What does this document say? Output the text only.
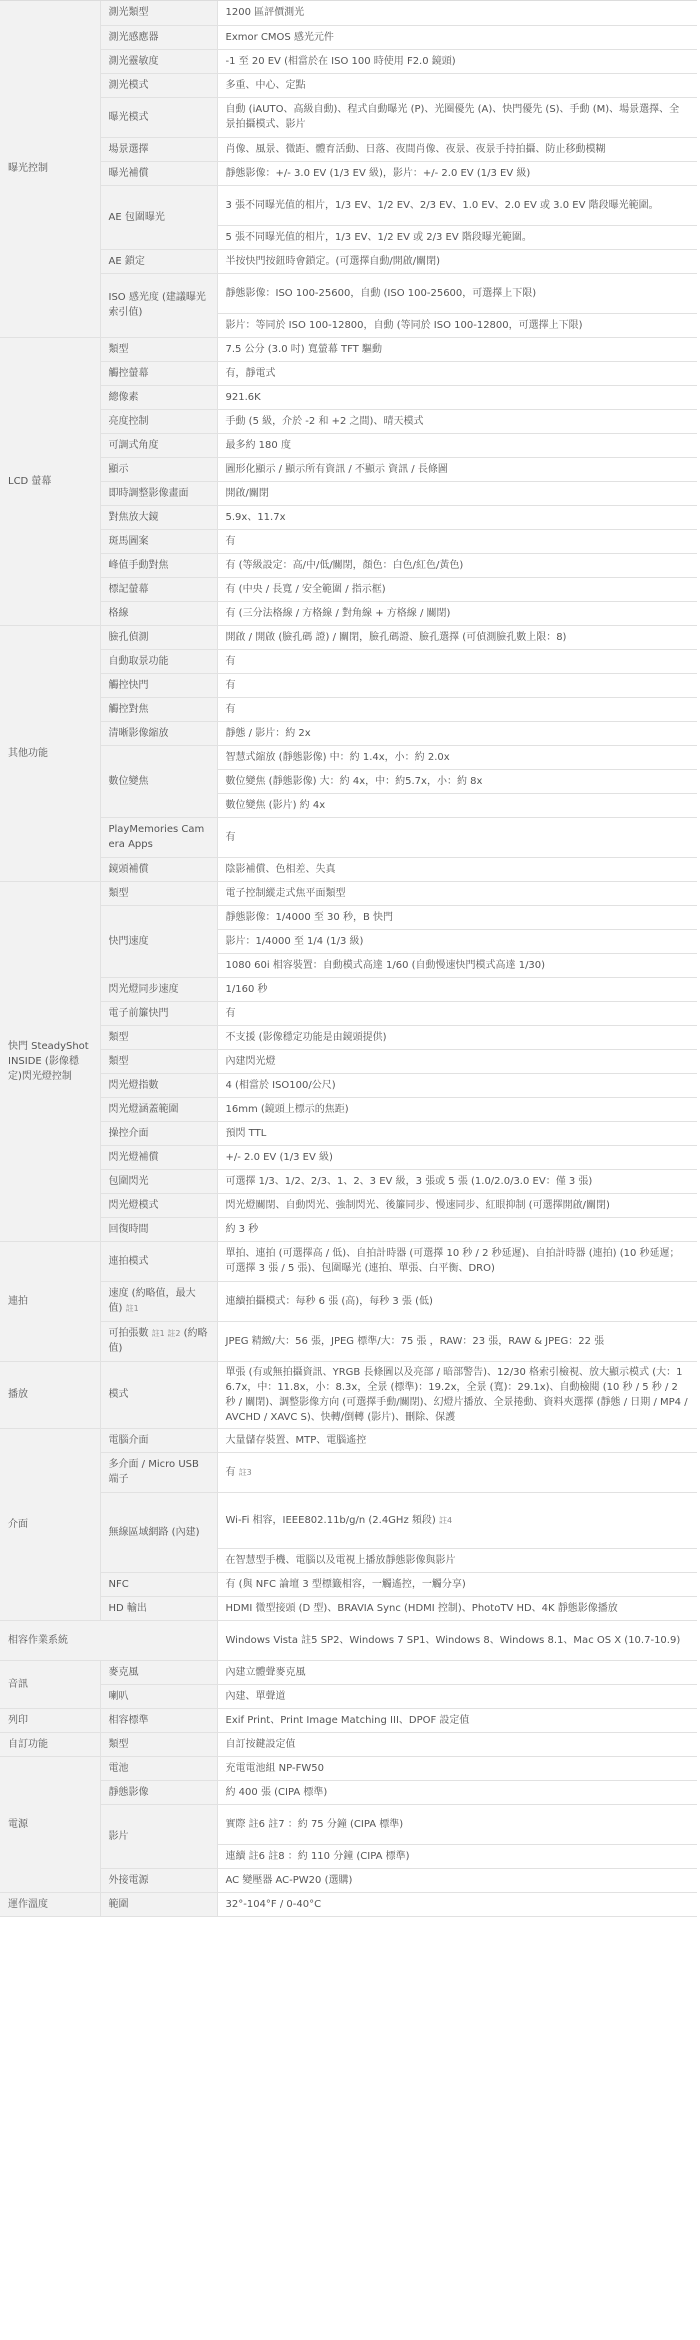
曝光控制	測光類型	1200 區評價測光
	測光感應器	Exmor CMOS 感光元件
	測光靈敏度	-1 至 20 EV (相當於在 ISO 100 時使用 F2.0 鏡頭)
	測光模式	多重、中心、定點
	曝光模式	自動 (iAUTO、高級自動)、程式自動曝光 (P)、光圈優先 (A)、快門優先 (S)、手動 (M)、場景選擇、全景拍攝模式、影片
	場景選擇	肖像、風景、微距、體育活動、日落、夜間肖像、夜景、夜景手持拍攝、防止移動模糊
	曝光補償	靜態影像：+/- 3.0 EV (1/3 EV 級)，影片：+/- 2.0 EV (1/3 EV 級)
	AE 包圍曝光	3 張不同曝光值的相片，1/3 EV、1/2 EV、2/3 EV、1.0 EV、2.0 EV 或 3.0 EV 階段曝光範圍。
		5 張不同曝光值的相片，1/3 EV、1/2 EV 或 2/3 EV 階段曝光範圍。
	AE 鎖定	半按快門按鈕時會鎖定。(可選擇自動/開啟/關閉)
	ISO 感光度 (建議曝光索引值)	靜態影像：ISO 100-25600，自動 (ISO 100-25600，可選擇上下限)
		影片：等同於 ISO 100-12800，自動 (等同於 ISO 100-12800，可選擇上下限)
LCD 螢幕	類型	7.5 公分 (3.0 吋) 寬螢幕 TFT 驅動
	觸控螢幕	有，靜電式
	總像素	921.6K
	亮度控制	手動 (5 級，介於 -2 和 +2 之間)、晴天模式
	可調式角度	最多約 180 度
	顯示	圖形化顯示 / 顯示所有資訊 / 不顯示 資訊 / 長條圖
	即時調整影像畫面	開啟/關閉
	對焦放大鏡	5.9x、11.7x
	斑馬圖案	有
	峰值手動對焦	有 (等級設定：高/中/低/關閉，顏色：白色/紅色/黃色)
	標記螢幕	有 (中央 / 長寬 / 安全範圍 / 指示框)
	格線	有 (三分法格線 / 方格線 / 對角線 + 方格線 / 關閉)
其他功能	臉孔偵測	開啟 / 開啟 (臉孔碼 證) / 關閉，臉孔碼證、臉孔選擇 (可偵測臉孔數上限：8)
	自動取景功能	有
	觸控快門	有
	觸控對焦	有
	清晰影像縮放	靜態 / 影片：約 2x
	數位變焦	智慧式縮放 (靜態影像) 中：約 1.4x，小：約 2.0x
		數位變焦 (靜態影像) 大：約 4x，中：約5.7x，小：約 8x
		數位變焦 (影片) 約 4x
	PlayMemories Camera Apps	有
	鏡頭補償	陰影補償、色相差、失真
快門 SteadyShot INSIDE (影像穩定)閃光燈控制	類型	電子控制縱走式焦平面類型
	快門速度	靜態影像：1/4000 至 30 秒，B 快門
		影片：1/4000 至 1/4 (1/3 級)
		1080 60i 相容裝置：自動模式高達 1/60 (自動慢速快門模式高達 1/30)
	閃光燈同步速度	1/160 秒
	電子前簾快門	有
	類型	不支援 (影像穩定功能是由鏡頭提供)
	類型	內建閃光燈
	閃光燈指數	4 (相當於 ISO100/公尺)
	閃光燈涵蓋範圍	16mm (鏡頭上標示的焦距)
	操控介面	預閃 TTL
	閃光燈補償	+/- 2.0 EV (1/3 EV 級)
	包圍閃光	可選擇 1/3、1/2、2/3、1、2、3 EV 級，3 張或 5 張 (1.0/2.0/3.0 EV：僅 3 張)
	閃光燈模式	閃光燈關閉、自動閃光、強制閃光、後簾同步、慢速同步、紅眼抑制 (可選擇開啟/關閉)
	回復時間	約 3 秒
連拍	連拍模式	單拍、連拍 (可選擇高 / 低)、自拍計時器 (可選擇 10 秒 / 2 秒延遲)、自拍計時器 (連拍) (10 秒延遲；可選擇 3 張 / 5 張)、包圍曝光 (連拍、單張、白平衡、DRO)
	速度 (約略值，最大值) 註1	連續拍攝模式：每秒 6 張 (高)，每秒 3 張 (低)
	可拍張數 註1 註2 (約略值)	JPEG 精緻/大：56 張，JPEG 標準/大：75 張 ，RAW：23 張，RAW & JPEG：22 張
播放	模式	單張 (有或無拍攝資訊、YRGB 長條圖以及亮部 / 暗部警告)、12/30 格索引檢視、放大顯示模式 (大：16.7x，中：11.8x，小：8.3x，全景 (標準)：19.2x，全景 (寬)：29.1x)、自動檢閱 (10 秒 / 5 秒 / 2 秒 / 關閉)、調整影像方向 (可選擇手動/關閉)、幻燈片播放、全景捲動、資料夾選擇 (靜態 / 日期 / MP4 / AVCHD / XAVC S)、快轉/倒轉 (影片)、刪除、保護
介面	電腦介面	大量儲存裝置、MTP、電腦遙控
	多介面 / Micro USB 端子	有 註3
	無線區域網路 (內建)	Wi-Fi 相容，IEEE802.11b/g/n (2.4GHz 頻段) 註4
		在智慧型手機、電腦以及電視上播放靜態影像與影片
	NFC	有 (與 NFC 論壇 3 型標籤相容，一觸遙控，一觸分享)
	HD 輸出	HDMI 微型接頭 (D 型)、BRAVIA Sync (HDMI 控制)、PhotoTV HD、4K 靜態影像播放
相容作業系統		Windows Vista 註5 SP2、Windows 7 SP1、Windows 8、Windows 8.1、Mac OS X (10.7-10.9)
音訊	麥克風	內建立體聲麥克風
	喇叭	內建、單聲道
列印	相容標準	Exif Print、Print Image Matching III、DPOF 設定值
自訂功能	類型	自訂按鍵設定值
電源	電池	充電電池組 NP-FW50
	靜態影像	約 400 張 (CIPA 標準)
	影片	實際 註6 註7 ：約 75 分鐘 (CIPA 標準)
		連續 註6 註8 ：約 110 分鐘 (CIPA 標準)
	外接電源	AC 變壓器 AC-PW20 (選購)
運作溫度	範圍	32°-104°F / 0-40°C
